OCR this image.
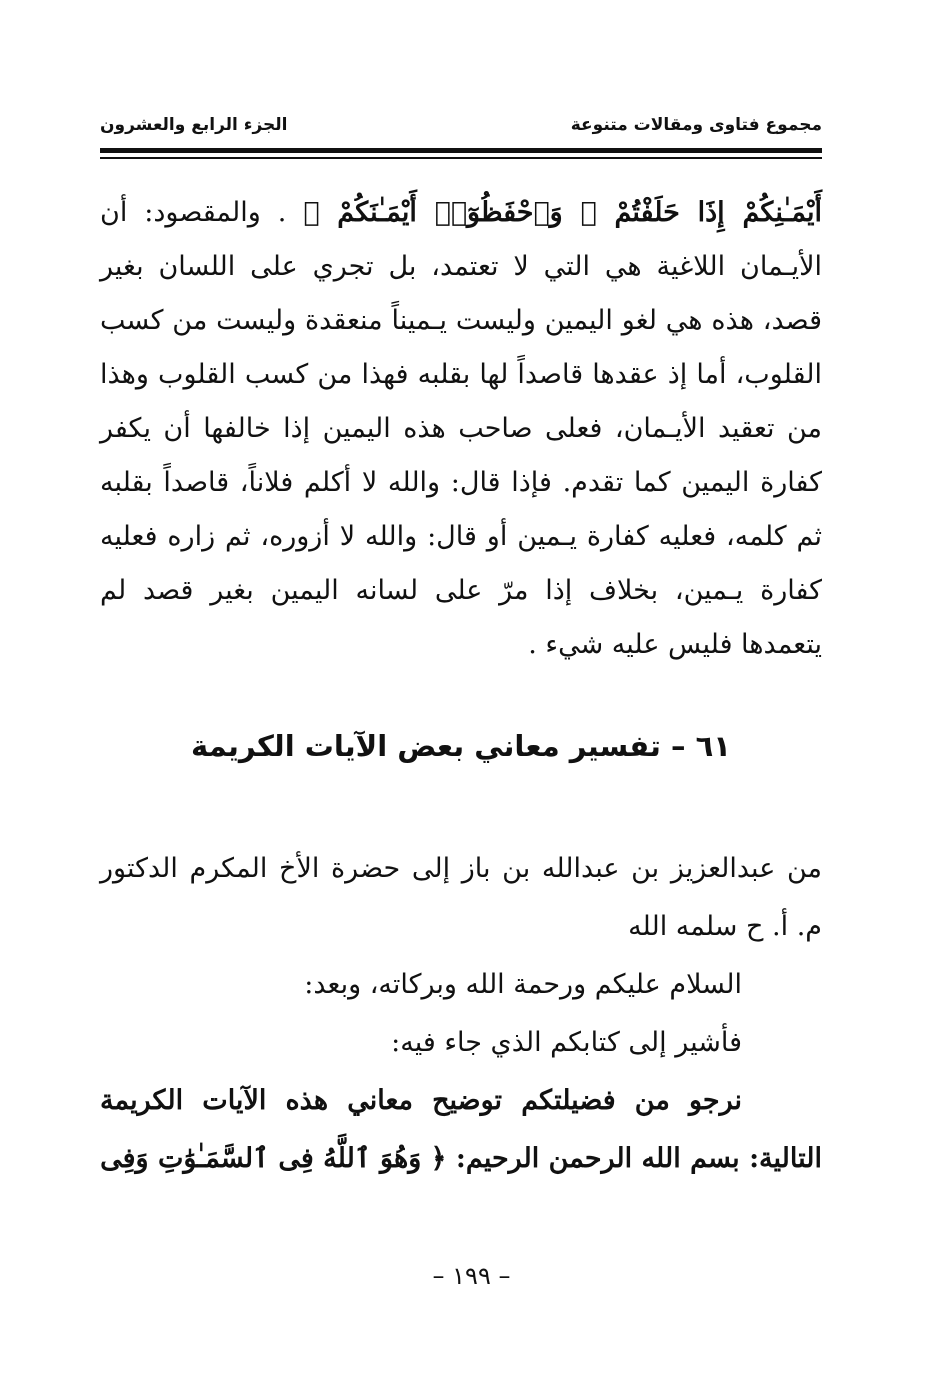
مجموع فتاوى ومقالات متنوعة
الجزء الرابع والعشرون

أَيْمَـٰنِكُمْ إِذَا حَلَفْتُمْ ۚ وَٱحْفَظُوٓا۟ أَيْمَـٰنَكُمْ ﴾ . والمقصود: أن الأيـمان اللاغية هي التي لا تعتمد، بل تجري على اللسان بغير قصد، هذه هي لغو اليمين وليست يـميناً منعقدة وليست من كسب القلوب، أما إذ عقدها قاصداً لها بقلبه فهذا من كسب القلوب وهذا من تعقيد الأيـمان، فعلى صاحب هذه اليمين إذا خالفها أن يكفر كفارة اليمين كما تقدم. فإذا قال: والله لا أكلم فلاناً، قاصداً بقلبه ثم كلمه، فعليه كفارة يـمين أو قال: والله لا أزوره، ثم زاره فعليه كفارة يـمين، بخلاف إذا مرّ على لسانه اليمين بغير قصد لم يتعمدها فليس عليه شيء .

٦١ – تفسير معاني بعض الآيات الكريمة

من عبدالعزيز بن عبدالله بن باز إلى حضرة الأخ المكرم الدكتور م. أ. ح سلمه الله

السلام عليكم ورحمة الله وبركاته، وبعد:

فأشير إلى كتابكم الذي جاء فيه:

نرجو من فضيلتكم توضيح معاني هذه الآيات الكريمة التالية: بسم الله الرحمن الرحيم: ﴿ وَهُوَ ٱللَّهُ فِى ٱلسَّمَـٰوَٰتِ وَفِى

– ١٩٩ –
